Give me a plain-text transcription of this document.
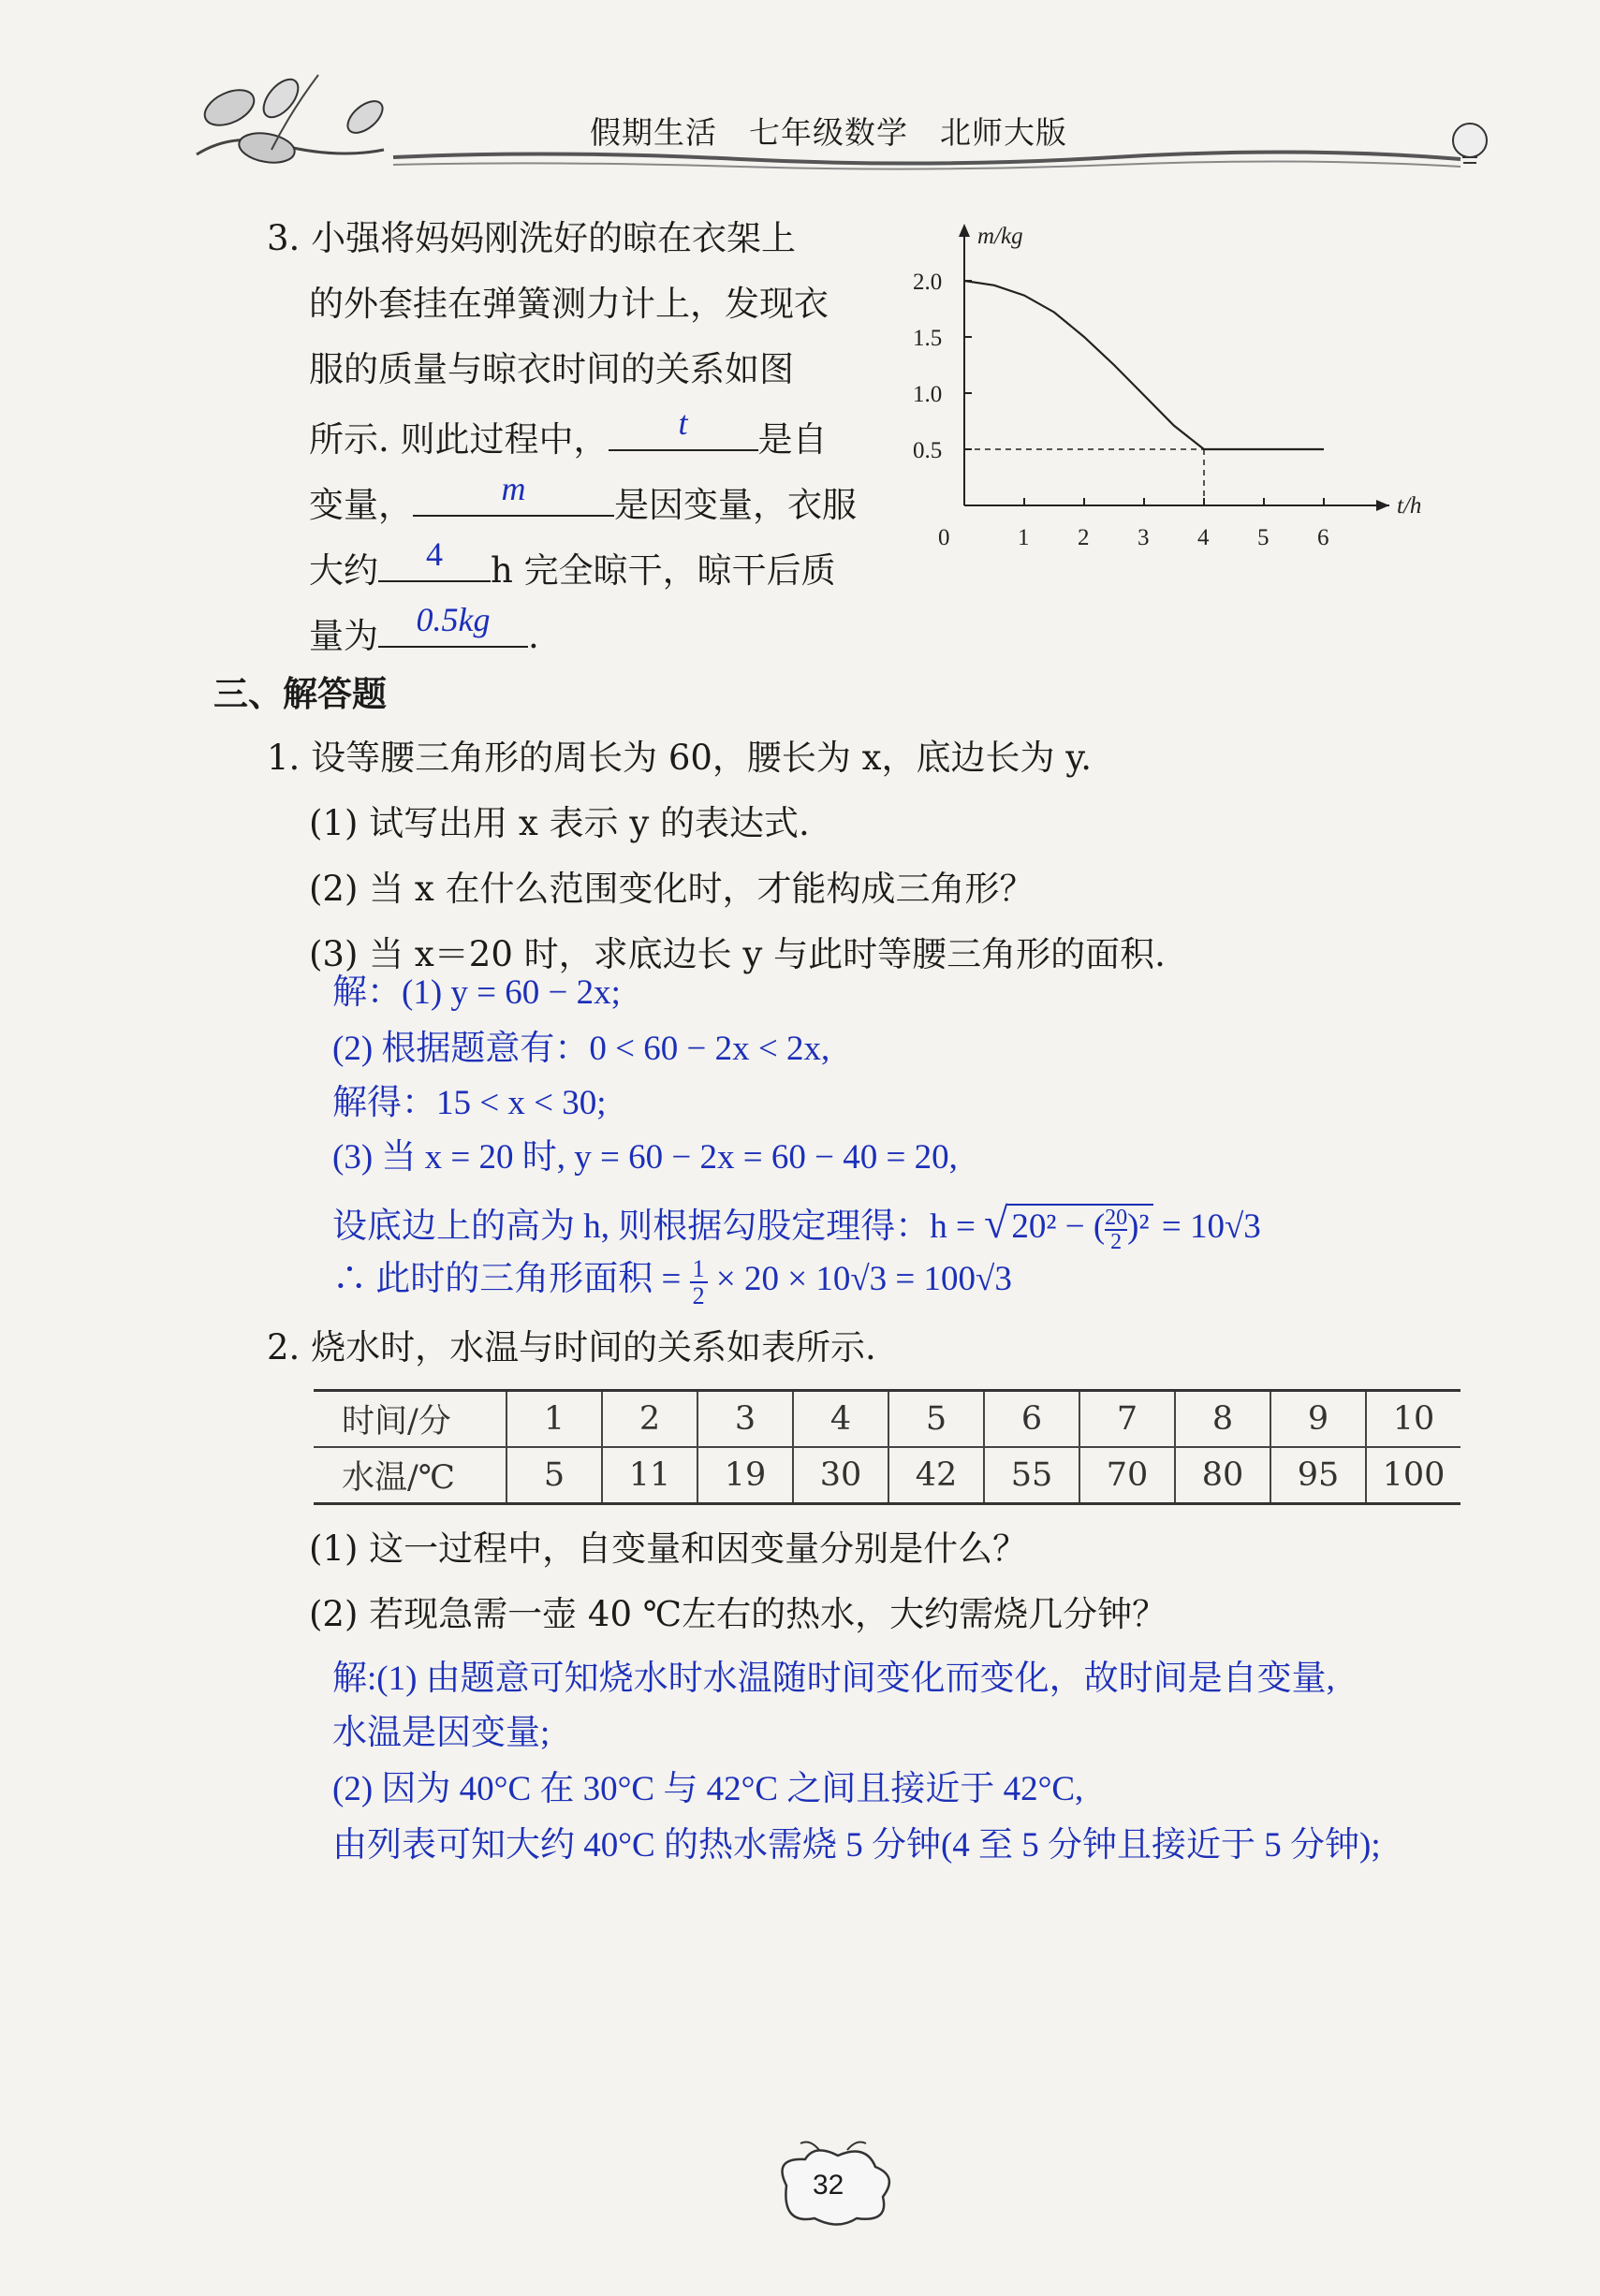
假期生活　七年级数学　北师大版
3. 小强将妈妈刚洗好的晾在衣架上
的外套挂在弹簧测力计上，发现衣
服的质量与晾衣时间的关系如图
所示. 则此过程中，	t	是自
变量，	m	是因变量，衣服
大约	4	h 完全晾干，晾干后质
量为	0.5kg	.
m/kg
t/h
0	1 2 3 4 5 6
0.5
1.0
1.5
2.0
三、解答题
1. 设等腰三角形的周长为 60，腰长为 x，底边长为 y.
(1) 试写出用 x 表示 y 的表达式.
(2) 当 x 在什么范围变化时，才能构成三角形？
(3) 当 x＝20 时，求底边长 y 与此时等腰三角形的面积.
解：(1) y = 60 − 2x;
(2) 根据题意有：0 < 60 − 2x < 2x,
解得：15 < x < 30;
(3) 当 x = 20 时, y = 60 − 2x = 60 − 40 = 20,
设底边上的高为 h, 则根据勾股定理得：h = √ 20² − ( $\frac{20}{2} )^2 = 10√3$
∴ 此时的三角形面积 = $\frac{1}{2} \times 20 \times 10√3 = 100√3$
2. 烧水时，水温与时间的关系如表所示.
时间/分	1	2	3	4	5	6	7	8	9	10
水温/℃	5	11	19	30	42	55	70	80	95	100
(1) 这一过程中，自变量和因变量分别是什么？
(2) 若现急需一壶 40 ℃左右的热水，大约需烧几分钟？
解:(1) 由题意可知烧水时水温随时间变化而变化，故时间是自变量,
水温是因变量;
(2) 因为 40°C 在 30°C 与 42°C 之间且接近于 42°C,
由列表可知大约 40°C 的热水需烧 5 分钟(4 至 5 分钟且接近于 5 分钟);
32
